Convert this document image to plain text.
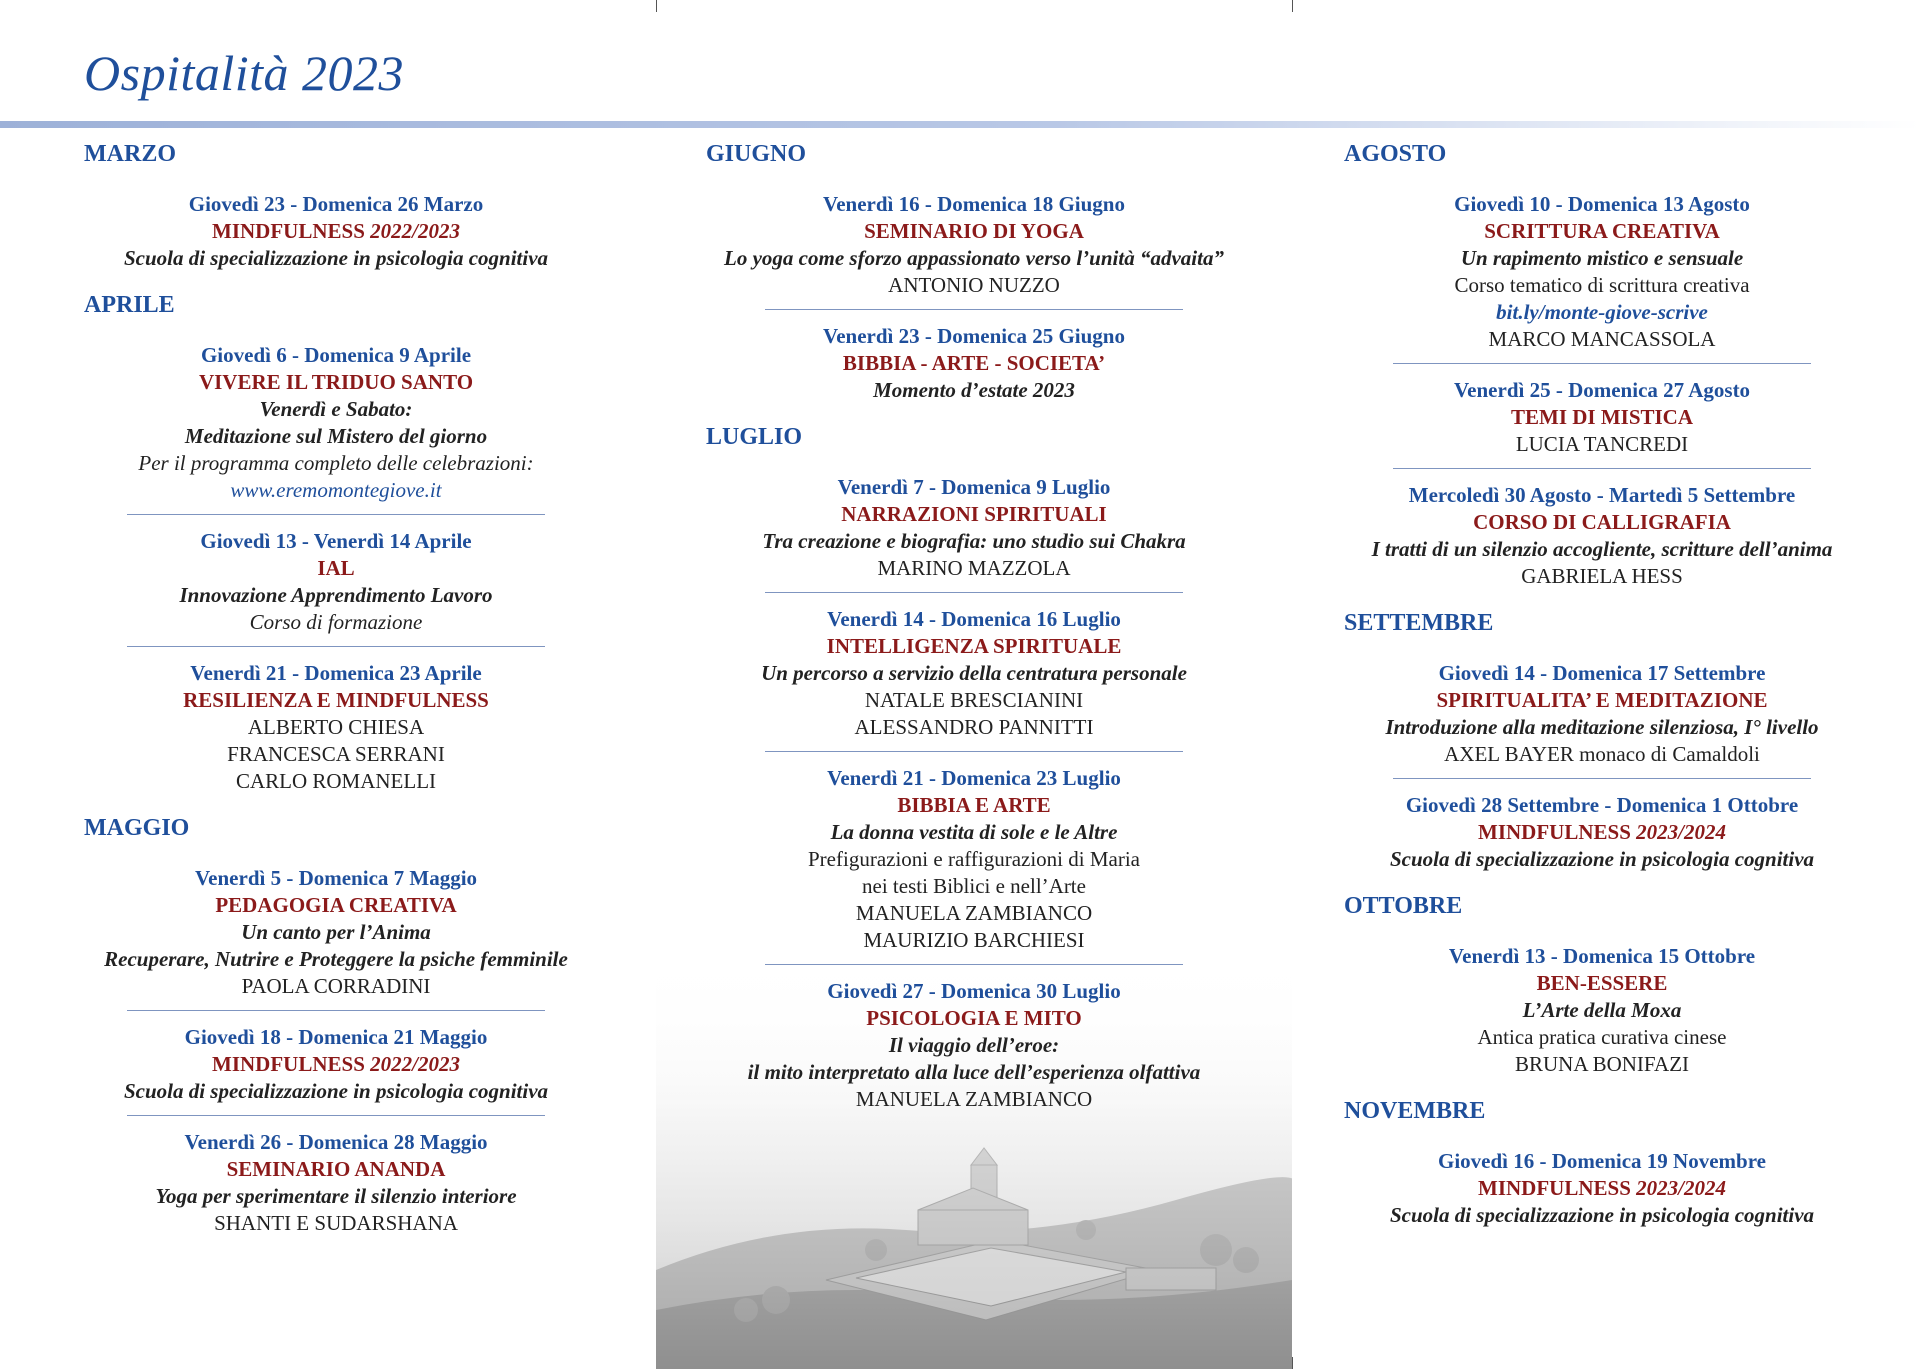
Ospitalità 2023
MARZO
Giovedì 23 - Domenica 26 Marzo
MINDFULNESS 2022/2023
Scuola di specializzazione in psicologia cognitiva
APRILE
Giovedì 6 - Domenica 9 Aprile
VIVERE IL TRIDUO SANTO
Venerdì e Sabato:
Meditazione sul Mistero del giorno
Per il programma completo delle celebrazioni:
www.eremomontegiove.it
Giovedì 13 - Venerdì 14 Aprile
IAL
Innovazione Apprendimento Lavoro
Corso di formazione
Venerdì 21 - Domenica 23 Aprile
RESILIENZA E MINDFULNESS
ALBERTO CHIESA
FRANCESCA SERRANI
CARLO ROMANELLI
MAGGIO
Venerdì 5 - Domenica 7 Maggio
PEDAGOGIA CREATIVA
Un canto per l’Anima
Recuperare, Nutrire e Proteggere la psiche femminile
PAOLA CORRADINI
Giovedì 18 - Domenica 21 Maggio
MINDFULNESS 2022/2023
Scuola di specializzazione in psicologia cognitiva
Venerdì 26 - Domenica 28 Maggio
SEMINARIO ANANDA
Yoga per sperimentare il silenzio interiore
SHANTI E SUDARSHANA
GIUGNO
Venerdì 16 - Domenica 18 Giugno
SEMINARIO DI YOGA
Lo yoga come sforzo appassionato verso l’unità “advaita”
ANTONIO NUZZO
Venerdì 23 - Domenica 25 Giugno
BIBBIA - ARTE - SOCIETA’
Momento d’estate 2023
LUGLIO
Venerdì 7 - Domenica 9 Luglio
NARRAZIONI SPIRITUALI
Tra creazione e biografia: uno studio sui Chakra
MARINO MAZZOLA
Venerdì 14 - Domenica 16 Luglio
INTELLIGENZA SPIRITUALE
Un percorso a servizio della centratura personale
NATALE BRESCIANINI
ALESSANDRO PANNITTI
Venerdì 21 - Domenica 23 Luglio
BIBBIA E ARTE
La donna vestita di sole e le Altre
Prefigurazioni e raffigurazioni di Maria
nei testi Biblici e nell’Arte
MANUELA ZAMBIANCO
MAURIZIO BARCHIESI
Giovedì 27 - Domenica 30 Luglio
PSICOLOGIA E MITO
Il viaggio dell’eroe:
il mito interpretato alla luce dell’esperienza olfattiva
MANUELA ZAMBIANCO
AGOSTO
Giovedì 10 - Domenica 13 Agosto
SCRITTURA CREATIVA
Un rapimento mistico e sensuale
Corso tematico di scrittura creativa
bit.ly/monte-giove-scrive
MARCO MANCASSOLA
Venerdì 25 - Domenica 27 Agosto
TEMI DI MISTICA
LUCIA TANCREDI
Mercoledì 30 Agosto - Martedì 5 Settembre
CORSO DI CALLIGRAFIA
I tratti di un silenzio accogliente, scritture dell’anima
GABRIELA HESS
SETTEMBRE
Giovedì 14 - Domenica 17 Settembre
SPIRITUALITA’ E MEDITAZIONE
Introduzione alla meditazione silenziosa, I° livello
AXEL BAYER monaco di Camaldoli
Giovedì 28 Settembre - Domenica 1 Ottobre
MINDFULNESS 2023/2024
Scuola di specializzazione in psicologia cognitiva
OTTOBRE
Venerdì 13 - Domenica 15 Ottobre
BEN-ESSERE
L’Arte della Moxa
Antica pratica curativa cinese
BRUNA BONIFAZI
NOVEMBRE
Giovedì 16 - Domenica 19 Novembre
MINDFULNESS 2023/2024
Scuola di specializzazione in psicologia cognitiva
